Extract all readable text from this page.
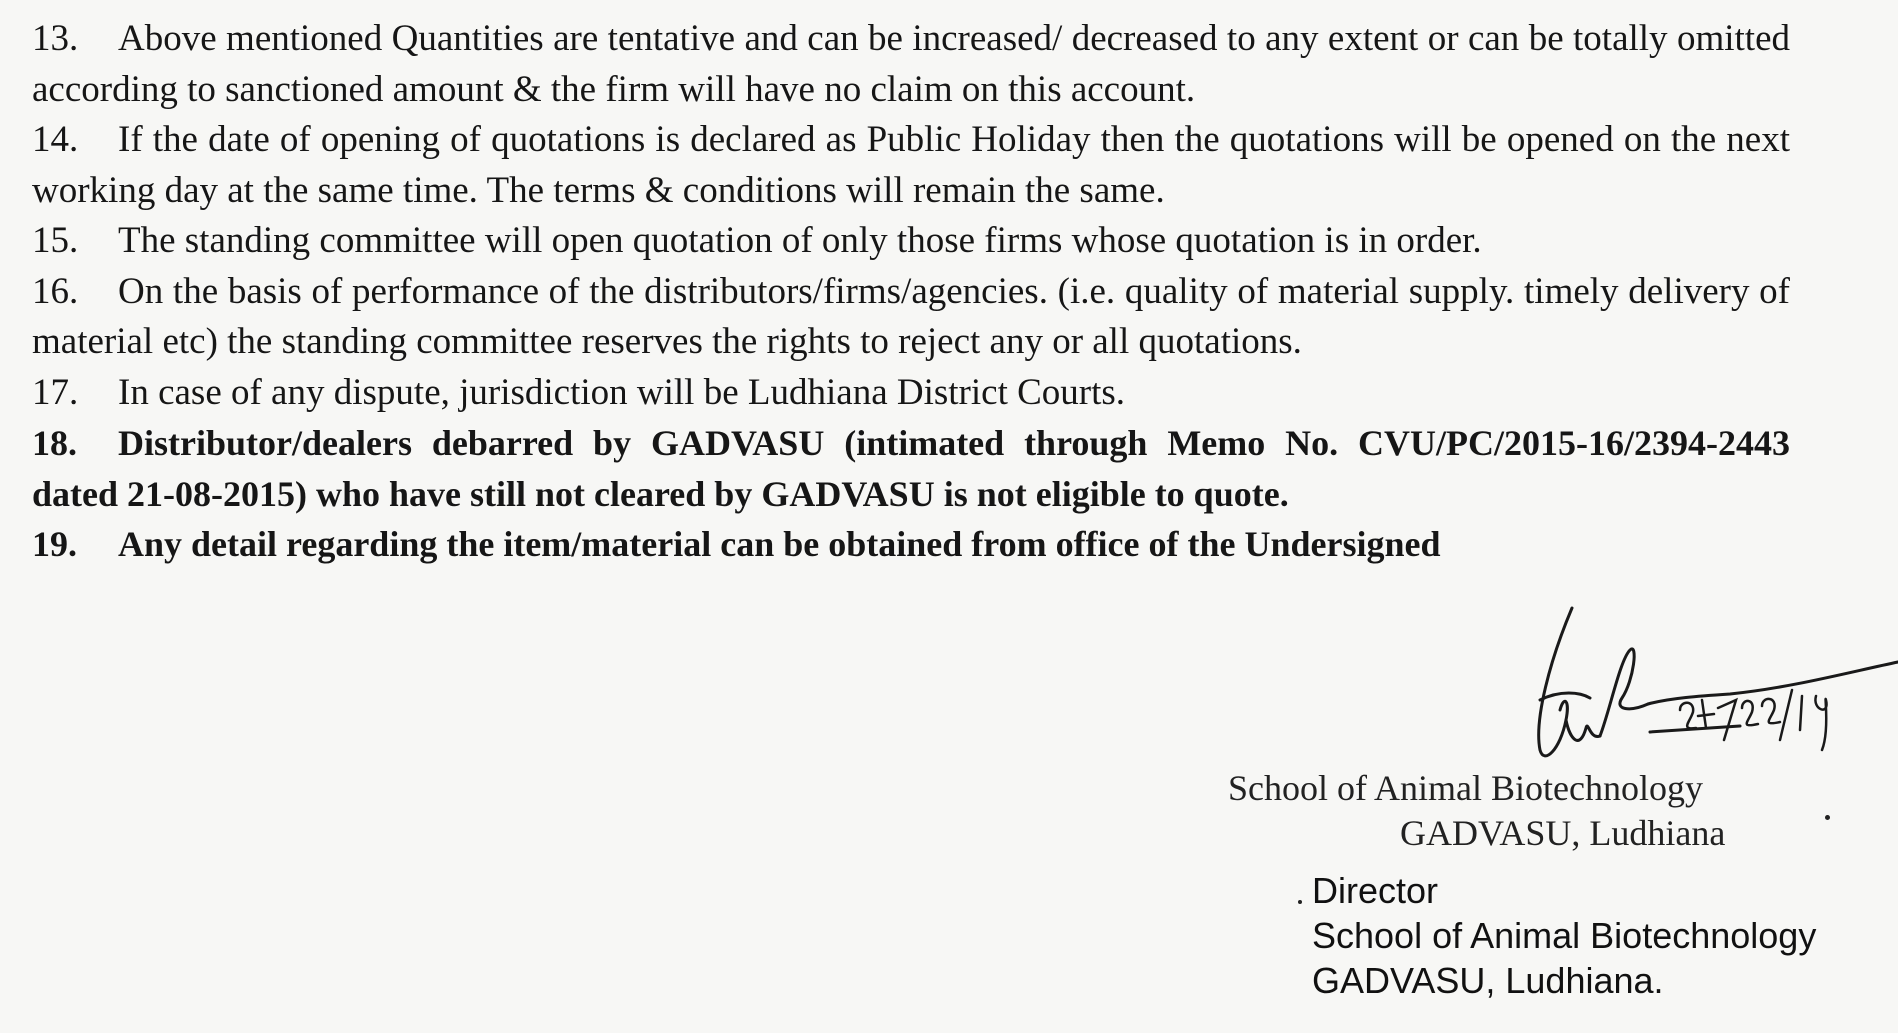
13. Above mentioned Quantities are tentative and can be increased/ decreased to any extent or can be totally omitted according to sanctioned amount & the firm will have no claim on this account.
14. If the date of opening of quotations is declared as Public Holiday then the quotations will be opened on the next working day at the same time. The terms & conditions will remain the same.
15. The standing committee will open quotation of only those firms whose quotation is in order.
16. On the basis of performance of the distributors/firms/agencies. (i.e. quality of material supply. timely delivery of material etc) the standing committee reserves the rights to reject any or all quotations.
17. In case of any dispute, jurisdiction will be Ludhiana District Courts.
18. Distributor/dealers debarred by GADVASU (intimated through Memo No. CVU/PC/2015-16/2394-2443 dated 21-08-2015) who have still not cleared by GADVASU is not eligible to quote.
19. Any detail regarding the item/material can be obtained from office of the Undersigned
School of Animal Biotechnology
GADVASU, Ludhiana
Director
School of Animal Biotechnology
GADVASU, Ludhiana.
